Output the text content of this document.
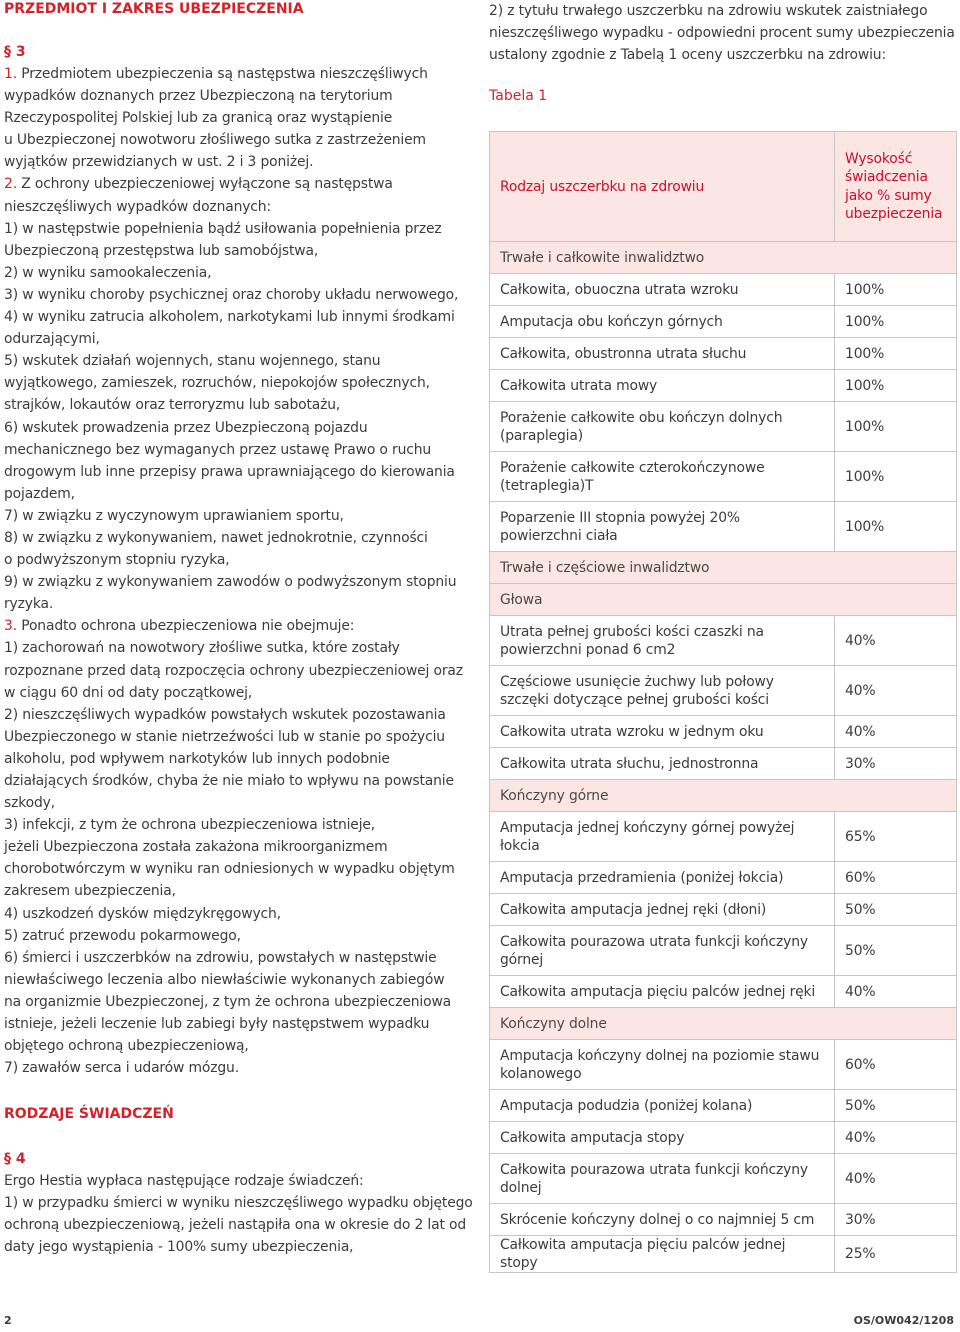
PRZEDMIOT I ZAKRES UBEZPIECZENIA
§ 3
1. Przedmiotem ubezpieczenia są następstwa nieszczęśliwych
wypadków doznanych przez Ubezpieczoną na terytorium
Rzeczypospolitej Polskiej lub za granicą oraz wystąpienie
u Ubezpieczonej nowotworu złośliwego sutka z zastrzeżeniem
wyjątków przewidzianych w ust. 2 i 3 poniżej.
2. Z ochrony ubezpieczeniowej wyłączone są następstwa
nieszczęśliwych wypadków doznanych:
1) w następstwie popełnienia bądź usiłowania popełnienia przez
Ubezpieczoną przestępstwa lub samobójstwa,
2) w wyniku samookaleczenia,
3) w wyniku choroby psychicznej oraz choroby układu nerwowego,
4) w wyniku zatrucia alkoholem, narkotykami lub innymi środkami
odurzającymi,
5) wskutek działań wojennych, stanu wojennego, stanu
wyjątkowego, zamieszek, rozruchów, niepokojów społecznych,
strajków, lokautów oraz terroryzmu lub sabotażu,
6) wskutek prowadzenia przez Ubezpieczoną pojazdu
mechanicznego bez wymaganych przez ustawę Prawo o ruchu
drogowym lub inne przepisy prawa uprawniającego do kierowania
pojazdem,
7) w związku z wyczynowym uprawianiem sportu,
8) w związku z wykonywaniem, nawet jednokrotnie, czynności
o podwyższonym stopniu ryzyka,
9) w związku z wykonywaniem zawodów o podwyższonym stopniu
ryzyka.
3. Ponadto ochrona ubezpieczeniowa nie obejmuje:
1) zachorowań na nowotwory złośliwe sutka, które zostały
rozpoznane przed datą rozpoczęcia ochrony ubezpieczeniowej oraz
w ciągu 60 dni od daty początkowej,
2) nieszczęśliwych wypadków powstałych wskutek pozostawania
Ubezpieczonego w stanie nietrzeźwości lub w stanie po spożyciu
alkoholu, pod wpływem narkotyków lub innych podobnie
działających środków, chyba że nie miało to wpływu na powstanie
szkody,
3) infekcji, z tym że ochrona ubezpieczeniowa istnieje,
jeżeli Ubezpieczona została zakażona mikroorganizmem
chorobotwórczym w wyniku ran odniesionych w wypadku objętym
zakresem ubezpieczenia,
4) uszkodzeń dysków międzykręgowych,
5) zatruć przewodu pokarmowego,
6) śmierci i uszczerbków na zdrowiu, powstałych w następstwie
niewłaściwego leczenia albo niewłaściwie wykonanych zabiegów
na organizmie Ubezpieczonej, z tym że ochrona ubezpieczeniowa
istnieje, jeżeli leczenie lub zabiegi były następstwem wypadku
objętego ochroną ubezpieczeniową,
7) zawałów serca i udarów mózgu.
RODZAJE ŚWIADCZEŃ
§ 4
Ergo Hestia wypłaca następujące rodzaje świadczeń:
1) w przypadku śmierci w wyniku nieszczęśliwego wypadku objętego
ochroną ubezpieczeniową, jeżeli nastąpiła ona w okresie do 2 lat od
daty jego wystąpienia - 100% sumy ubezpieczenia,
2) z tytułu trwałego uszczerbku na zdrowiu wskutek zaistniałego
nieszczęśliwego wypadku - odpowiedni procent sumy ubezpieczenia
ustalony zgodnie z Tabelą 1 oceny uszczerbku na zdrowiu:
Tabela 1
Rodzaj uszczerbku na zdrowiu	Wysokość
świadczenia
jako % sumy
ubezpieczenia

Trwałe i całkowite inwalidztwo	
Całkowita, obuoczna utrata wzroku	100%
Amputacja obu kończyn górnych	100%
Całkowita, obustronna utrata słuchu	100%
Całkowita utrata mowy	100%
Porażenie całkowite obu kończyn dolnych (paraplegia)	100%
Porażenie całkowite czterokończynowe (tetraplegia)T	100%
Poparzenie III stopnia powyżej 20% powierzchni ciała	100%
Trwałe i częściowe inwalidztwo	
Głowa	
Utrata pełnej grubości kości czaszki na powierzchni ponad 6 cm2	40%
Częściowe usunięcie żuchwy lub połowy szczęki dotyczące pełnej grubości kości	40%
Całkowita utrata wzroku w jednym oku	40%
Całkowita utrata słuchu, jednostronna	30%
Kończyny górne	
Amputacja jednej kończyny górnej powyżej łokcia	65%
Amputacja przedramienia (poniżej łokcia)	60%
Całkowita amputacja jednej ręki (dłoni)	50%
Całkowita pourazowa utrata funkcji kończyny górnej	50%
Całkowita amputacja pięciu palców jednej ręki	40%
Kończyny dolne	
Amputacja kończyny dolnej na poziomie stawu kolanowego	60%
Amputacja podudzia (poniżej kolana)	50%
Całkowita amputacja stopy	40%
Całkowita pourazowa utrata funkcji kończyny dolnej	40%
Skrócenie kończyny dolnej o co najmniej 5 cm	30%
Całkowita amputacja pięciu palców jednej stopy	25%
2	OS/OW042/1208
